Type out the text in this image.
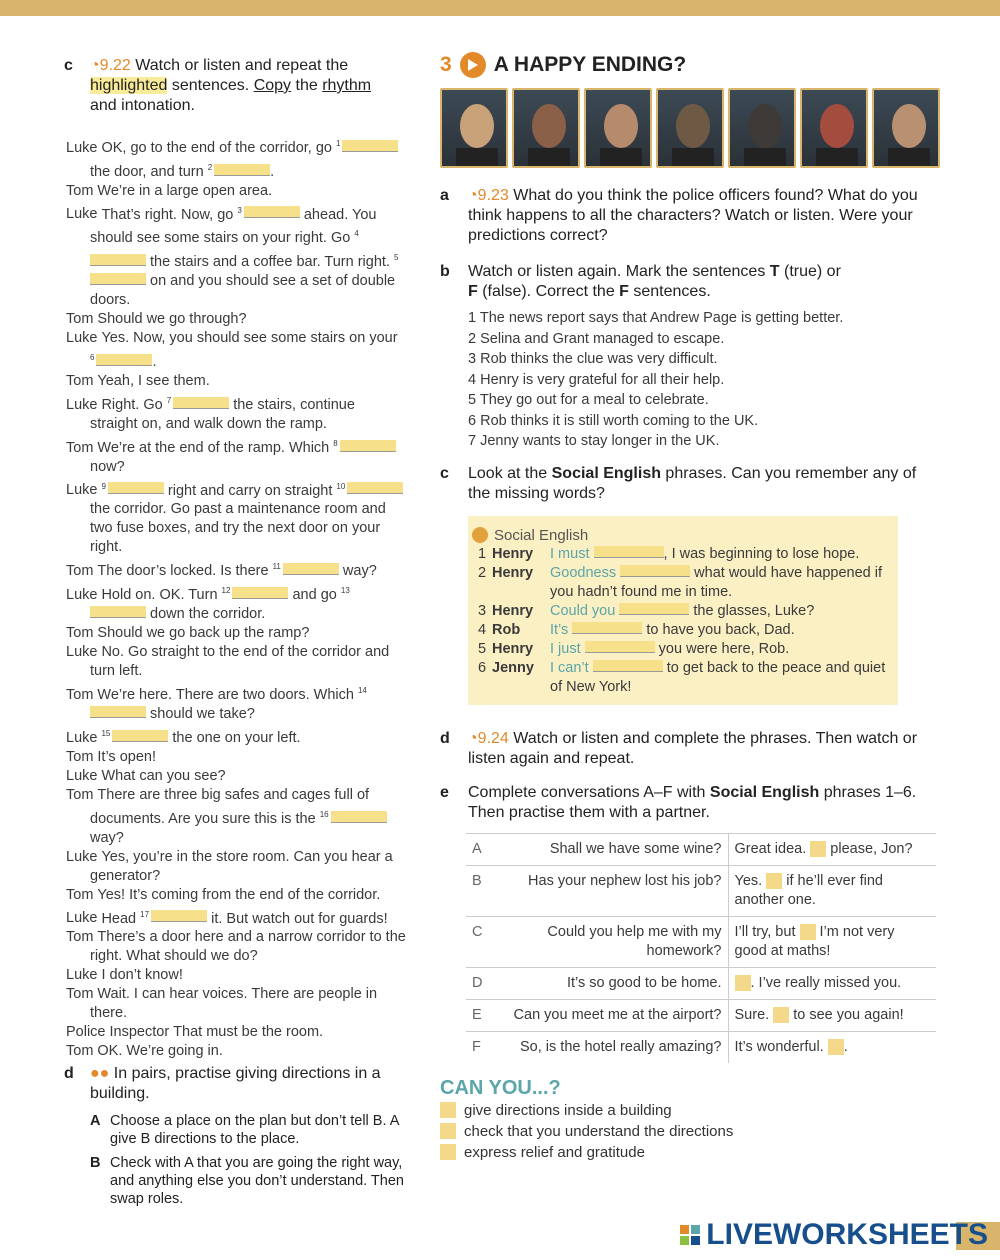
c ◔9.22 Watch or listen and repeat the
highlighted sentences. Copy the rhythm
and intonation.
Luke OK, go to the end of the corridor, go $^1$ the door, and turn $^2$	.
Tom We’re in a large open area.
Luke That’s right. Now, go $^3$	ahead. You should see some stairs on your right. Go $^4$ the stairs and a coffee bar. Turn right. $^5$ on and you should see a set of double doors.
Tom Should we go through?
Luke Yes. Now, you should see some stairs on your $^6$	.
Tom Yeah, I see them.
Luke Right. Go $^7$	the stairs, continue straight on, and walk down the ramp.
Tom We’re at the end of the ramp. Which $^8$ now?
Luke $^9$	right and carry on straight $^{10}$ the corridor. Go past a maintenance room and two fuse boxes, and try the next door on your right.
Tom The door’s locked. Is there $^{11}$	way?
Luke Hold on. OK. Turn $^{12}$	and go $^{13}$ down the corridor.
Tom Should we go back up the ramp?
Luke No. Go straight to the end of the corridor and turn left.
Tom We’re here. There are two doors. Which $^{14}$ should we take?
Luke $^{15}$	the one on your left.
Tom It’s open!
Luke What can you see?
Tom There are three big safes and cages full of documents. Are you sure this is the $^{16}$ way?
Luke Yes, you’re in the store room. Can you hear a generator?
Tom Yes! It’s coming from the end of the corridor.
Luke Head $^{17}$	it. But watch out for guards!
Tom There’s a door here and a narrow corridor to the right. What should we do?
Luke I don’t know!
Tom Wait. I can hear voices. There are people in there.
Police Inspector That must be the room.
Tom OK. We’re going in.
d	●● In pairs, practise giving directions in a building.
A Choose a place on the plan but don’t tell B. A give B directions to the place.
B Check with A that you are going the right way, and anything else you don’t understand. Then swap roles.
3 A HAPPY ENDING?
a ◔9.23 What do you think the police officers found? What do you think happens to all the characters? Watch or listen. Were your predictions correct?
b Watch or listen again. Mark the sentences T (true) or
F (false). Correct the F sentences.
1 The news report says that Andrew Page is getting better.
2 Selina and Grant managed to escape.
3 Rob thinks the clue was very difficult.
4 Henry is very grateful for all their help.
5 They go out for a meal to celebrate.
6 Rob thinks it is still worth coming to the UK.
7 Jenny wants to stay longer in the UK.
c Look at the Social English phrases. Can you remember any of the missing words?
Social English
1 Henry	I must	, I was beginning to lose hope.
2 Henry	Goodness	what would have happened if you hadn’t found me in time.
3 Henry	Could you	the glasses, Luke?
4 Rob	It’s	to have you back, Dad.
5 Henry	I just	you were here, Rob.
6 Jenny	I can’t	to get back to the peace and quiet of New York!
d ◔9.24 Watch or listen and complete the phrases. Then watch or listen again and repeat.
e Complete conversations A–F with Social English phrases 1–6. Then practise them with a partner.
A	Shall we have some wine?	Great idea.  please, Jon?
B	Has your nephew lost his job?	Yes.  if he’ll ever find another one.
C	Could you help me with my homework?	I’ll try, but  I’m not very good at maths!
D	It’s so good to be home.	. I’ve really missed you.
E	Can you meet me at the airport?	Sure.  to see you again!
F	So, is the hotel really amazing?	It’s wonderful. .
CAN YOU...?
give directions inside a building
check that you understand the directions
express relief and gratitude
LIVEWORKSHEETS
